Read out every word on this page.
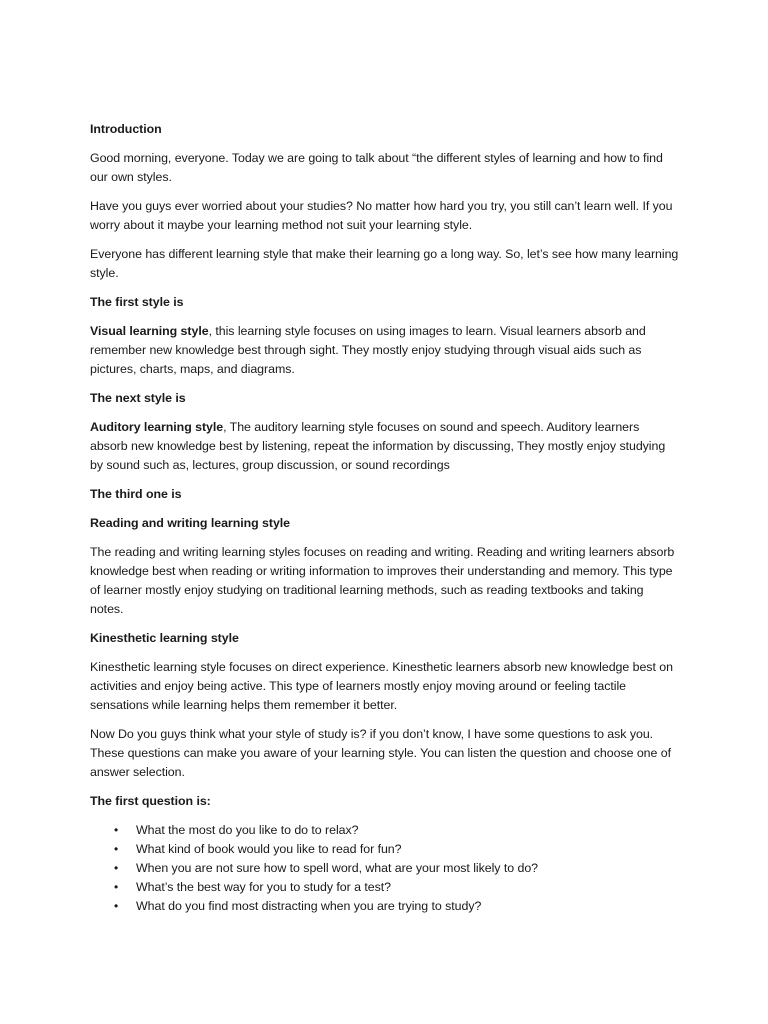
Introduction

Good morning, everyone. Today we are going to talk about “the different styles of learning and how to find our own styles.

Have you guys ever worried about your studies? No matter how hard you try, you still can’t learn well. If you worry about it maybe your learning method not suit your learning style.

Everyone has different learning style that make their learning go a long way. So, let’s see how many learning style.

The first style is

Visual learning style, this learning style focuses on using images to learn. Visual learners absorb and remember new knowledge best through sight. They mostly enjoy studying through visual aids such as pictures, charts, maps, and diagrams.

The next style is

Auditory learning style, The auditory learning style focuses on sound and speech. Auditory learners absorb new knowledge best by listening, repeat the information by discussing, They mostly enjoy studying by sound such as, lectures, group discussion, or sound recordings

The third one is

Reading and writing learning style

The reading and writing learning styles focuses on reading and writing. Reading and writing learners absorb knowledge best when reading or writing information to improves their understanding and memory. This type of learner mostly enjoy studying on traditional learning methods, such as reading textbooks and taking notes.

Kinesthetic learning style

Kinesthetic learning style focuses on direct experience. Kinesthetic learners absorb new knowledge best on activities and enjoy being active. This type of learners mostly enjoy moving around or feeling tactile sensations while learning helps them remember it better.

Now Do you guys think what your style of study is? if you don’t know, I have some questions to ask you. These questions can make you aware of your learning style. You can listen the question and choose one of answer selection.

The first question is:

• What the most do you like to do to relax?
• What kind of book would you like to read for fun?
• When you are not sure how to spell word, what are your most likely to do?
• What’s the best way for you to study for a test?
• What do you find most distracting when you are trying to study?
